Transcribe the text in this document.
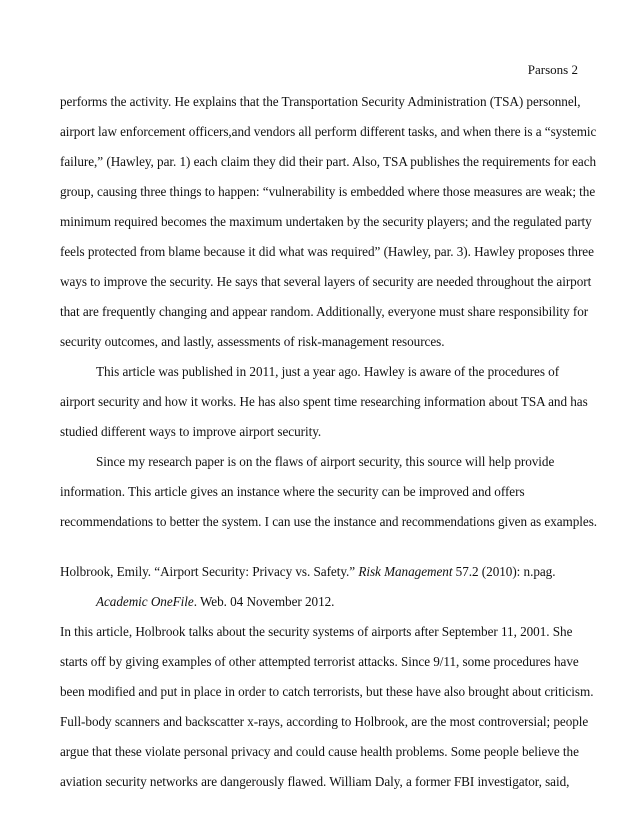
Parsons 2
performs the activity. He explains that the Transportation Security Administration (TSA) personnel,
airport law enforcement officers,and vendors all perform different tasks, and when there is a “systemic
failure,” (Hawley, par. 1) each claim they did their part. Also, TSA publishes the requirements for each
group, causing three things to happen: “vulnerability is embedded where those measures are weak; the
minimum required becomes the maximum undertaken by the security players; and the regulated party
feels protected from blame because it did what was required” (Hawley, par. 3). Hawley proposes three
ways to improve the security. He says that several layers of security are needed throughout the airport
that are frequently changing and appear random. Additionally, everyone must share responsibility for
security outcomes, and lastly, assessments of risk-management resources.
This article was published in 2011, just a year ago. Hawley is aware of the procedures of
airport security and how it works. He has also spent time researching information about TSA and has
studied different ways to improve airport security.
Since my research paper is on the flaws of airport security, this source will help provide
information. This article gives an instance where the security can be improved and offers
recommendations to better the system. I can use the instance and recommendations given as examples.
Holbrook, Emily. “Airport Security: Privacy vs. Safety.” Risk Management 57.2 (2010): n.pag.
Academic OneFile. Web. 04 November 2012.
In this article, Holbrook talks about the security systems of airports after September 11, 2001. She
starts off by giving examples of other attempted terrorist attacks. Since 9/11, some procedures have
been modified and put in place in order to catch terrorists, but these have also brought about criticism.
Full-body scanners and backscatter x-rays, according to Holbrook, are the most controversial; people
argue that these violate personal privacy and could cause health problems. Some people believe the
aviation security networks are dangerously flawed. William Daly, a former FBI investigator, said,
